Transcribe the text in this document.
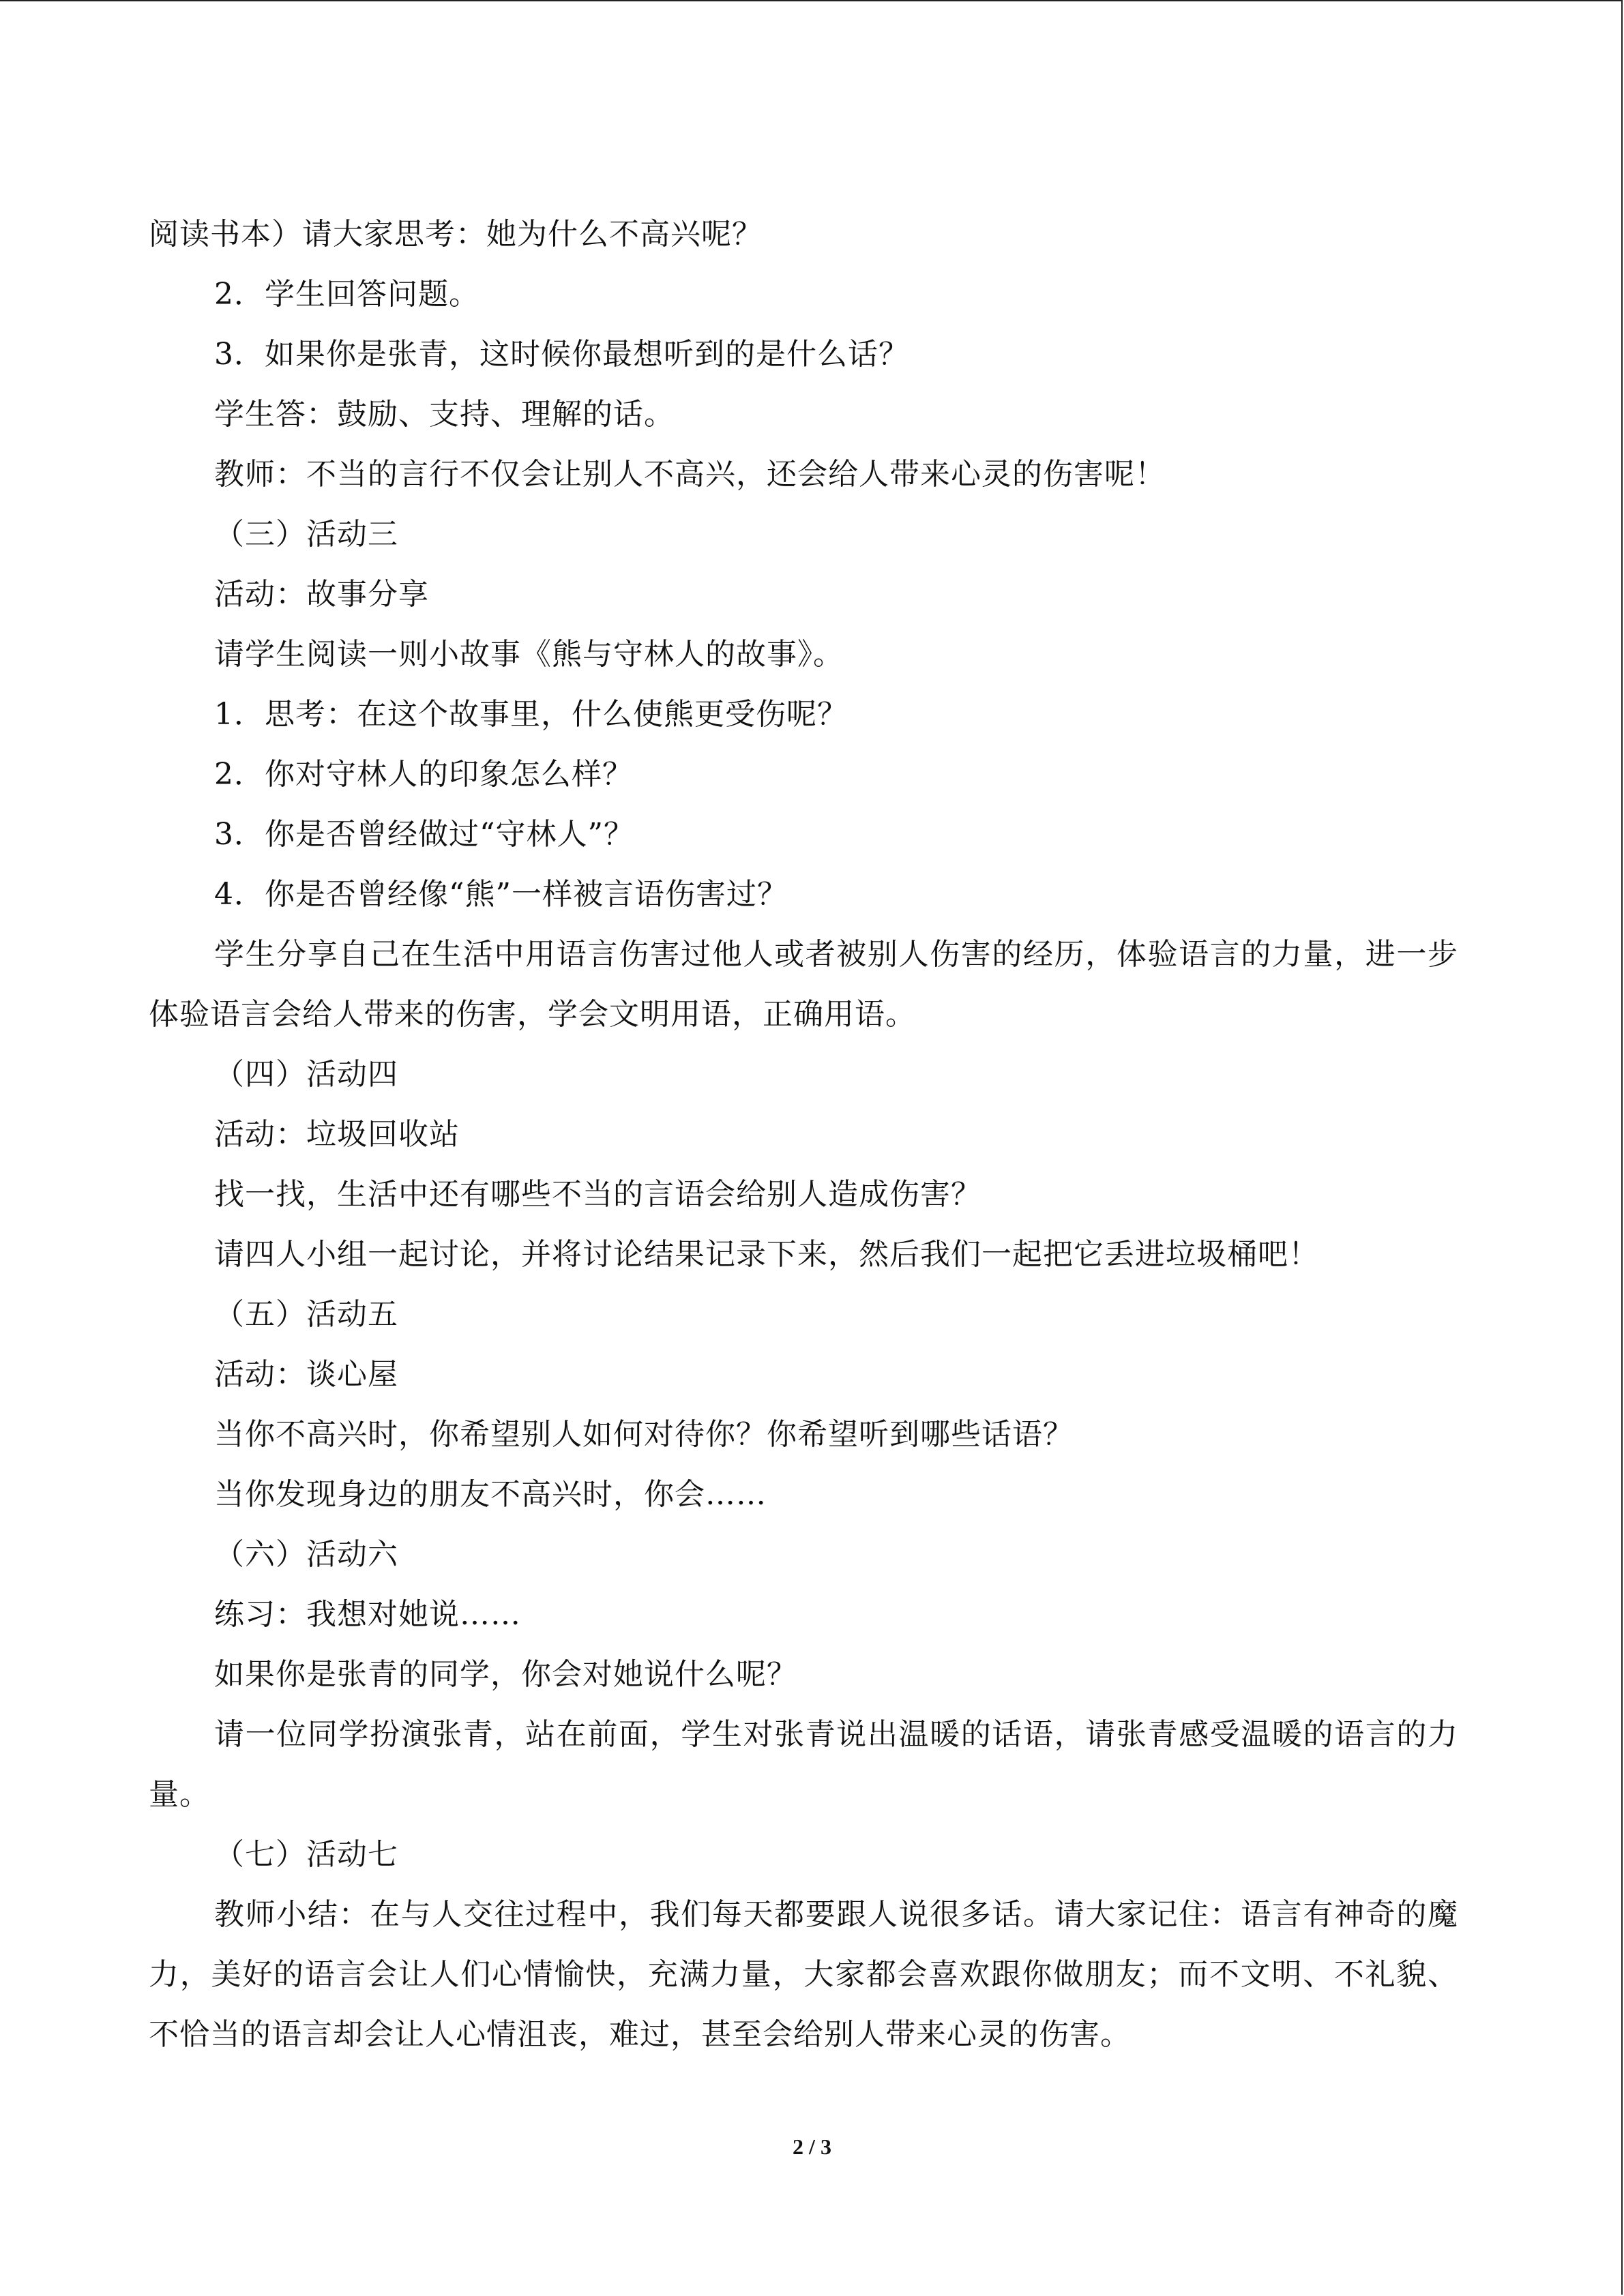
阅读书本）请大家思考：她为什么不高兴呢？

2．学生回答问题。

3．如果你是张青，这时候你最想听到的是什么话？

学生答：鼓励、支持、理解的话。

教师：不当的言行不仅会让别人不高兴，还会给人带来心灵的伤害呢！

（三）活动三

活动：故事分享

请学生阅读一则小故事《熊与守林人的故事》。

1．思考：在这个故事里，什么使熊更受伤呢？

2．你对守林人的印象怎么样？

3．你是否曾经做过“守林人”？

4．你是否曾经像“熊”一样被言语伤害过？

学生分享自己在生活中用语言伤害过他人或者被别人伤害的经历，体验语言的力量，进一步体验语言会给人带来的伤害，学会文明用语，正确用语。

（四）活动四

活动：垃圾回收站

找一找，生活中还有哪些不当的言语会给别人造成伤害？

请四人小组一起讨论，并将讨论结果记录下来，然后我们一起把它丢进垃圾桶吧！

（五）活动五

活动：谈心屋

当你不高兴时，你希望别人如何对待你？你希望听到哪些话语？

当你发现身边的朋友不高兴时，你会……

（六）活动六

练习：我想对她说……

如果你是张青的同学，你会对她说什么呢？

请一位同学扮演张青，站在前面，学生对张青说出温暖的话语，请张青感受温暖的语言的力量。

（七）活动七

教师小结：在与人交往过程中，我们每天都要跟人说很多话。请大家记住：语言有神奇的魔力，美好的语言会让人们心情愉快，充满力量，大家都会喜欢跟你做朋友；而不文明、不礼貌、不恰当的语言却会让人心情沮丧，难过，甚至会给别人带来心灵的伤害。

2 / 3
